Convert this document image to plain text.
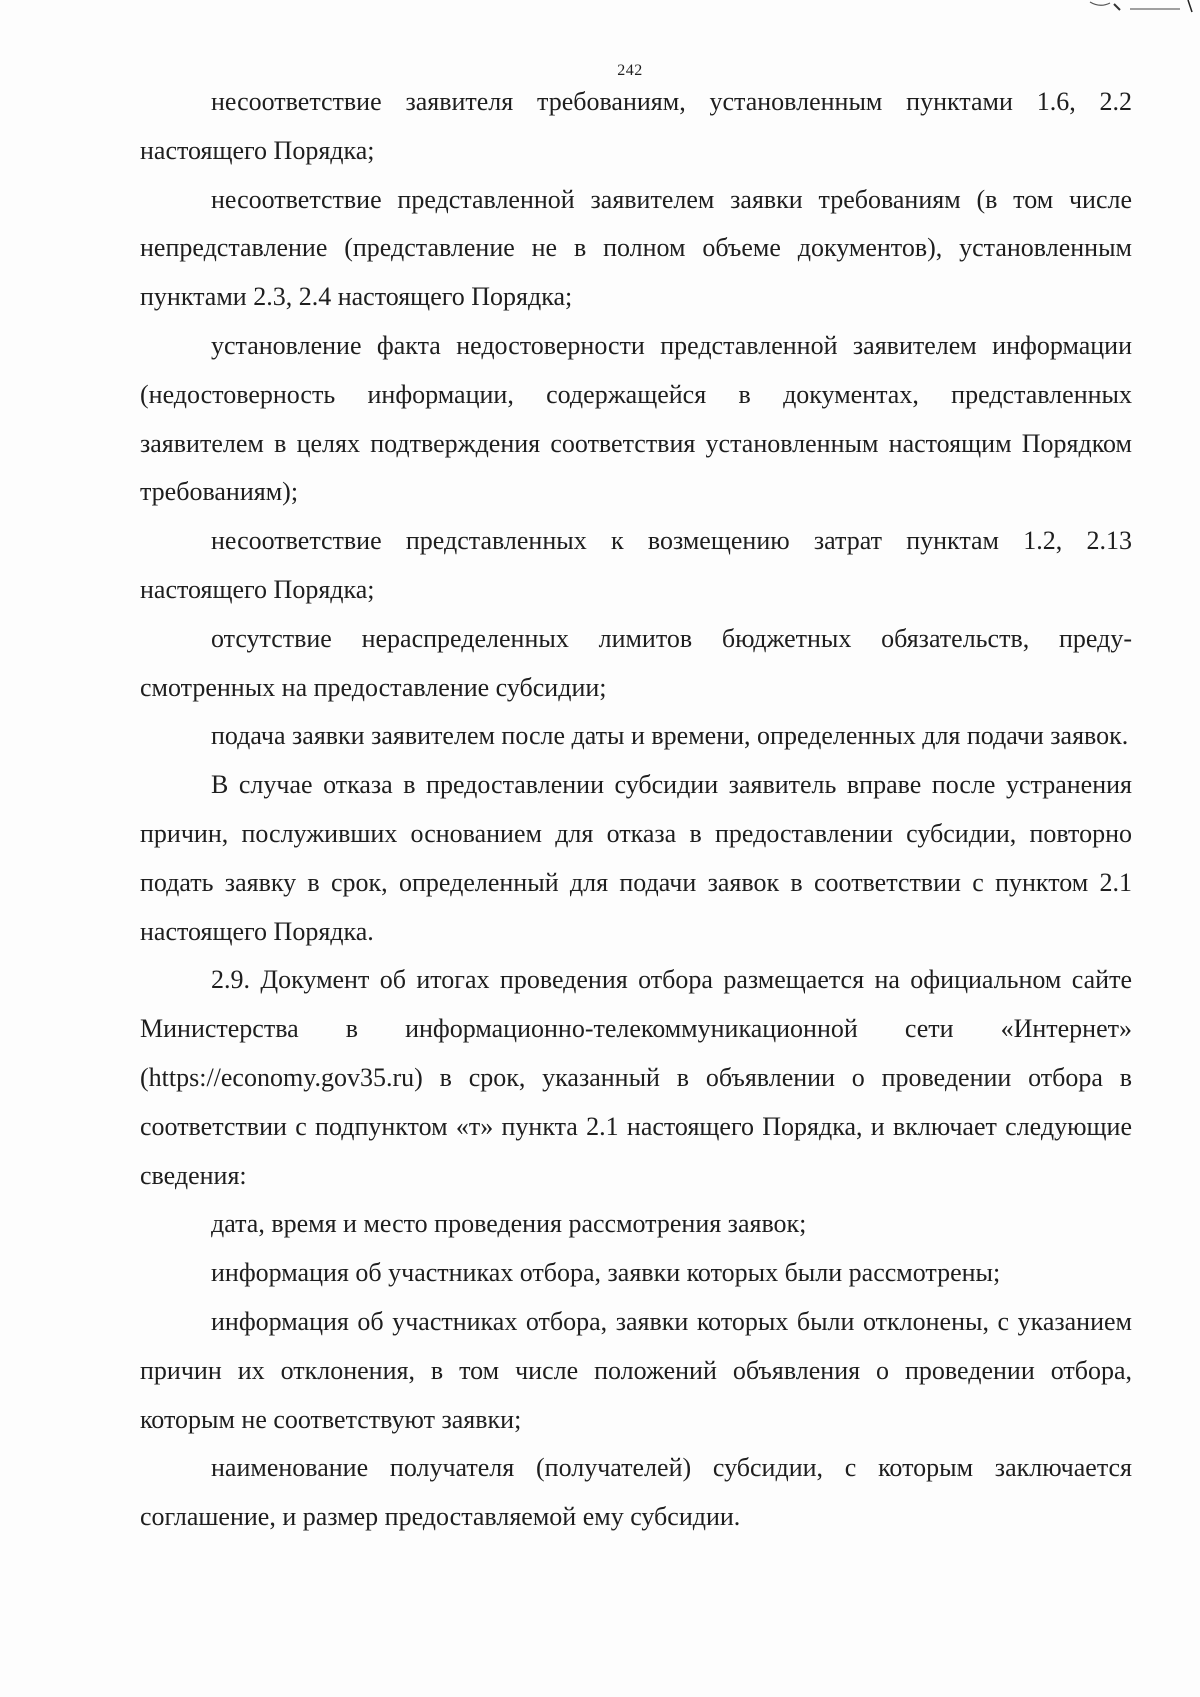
242

несоответствие заявителя требованиям, установленным пунктами 1.6, 2.2 настоящего Порядка;

несоответствие представленной заявителем заявки требованиям (в том числе непредставление (представление не в полном объеме документов), установленным пунктами 2.3, 2.4 настоящего Порядка;

установление факта недостоверности представленной заявителем информации (недостоверность информации, содержащейся в документах, представленных заявителем в целях подтверждения соответствия установленным настоящим Порядком требованиям);

несоответствие представленных к возмещению затрат пунктам 1.2, 2.13 настоящего Порядка;

отсутствие нераспределенных лимитов бюджетных обязательств, предусмотренных на предоставление субсидии;

подача заявки заявителем после даты и времени, определенных для подачи заявок.

В случае отказа в предоставлении субсидии заявитель вправе после устранения причин, послуживших основанием для отказа в предоставлении субсидии, повторно подать заявку в срок, определенный для подачи заявок в соответствии с пунктом 2.1 настоящего Порядка.

2.9. Документ об итогах проведения отбора размещается на официальном сайте Министерства в информационно-телекоммуникационной сети «Интернет» (https://economy.gov35.ru) в срок, указанный в объявлении о проведении отбора в соответствии с подпунктом «т» пункта 2.1 настоящего Порядка, и включает следующие сведения:

дата, время и место проведения рассмотрения заявок;

информация об участниках отбора, заявки которых были рассмотрены;

информация об участниках отбора, заявки которых были отклонены, с указанием причин их отклонения, в том числе положений объявления о проведении отбора, которым не соответствуют заявки;

наименование получателя (получателей) субсидии, с которым заключается соглашение, и размер предоставляемой ему субсидии.
